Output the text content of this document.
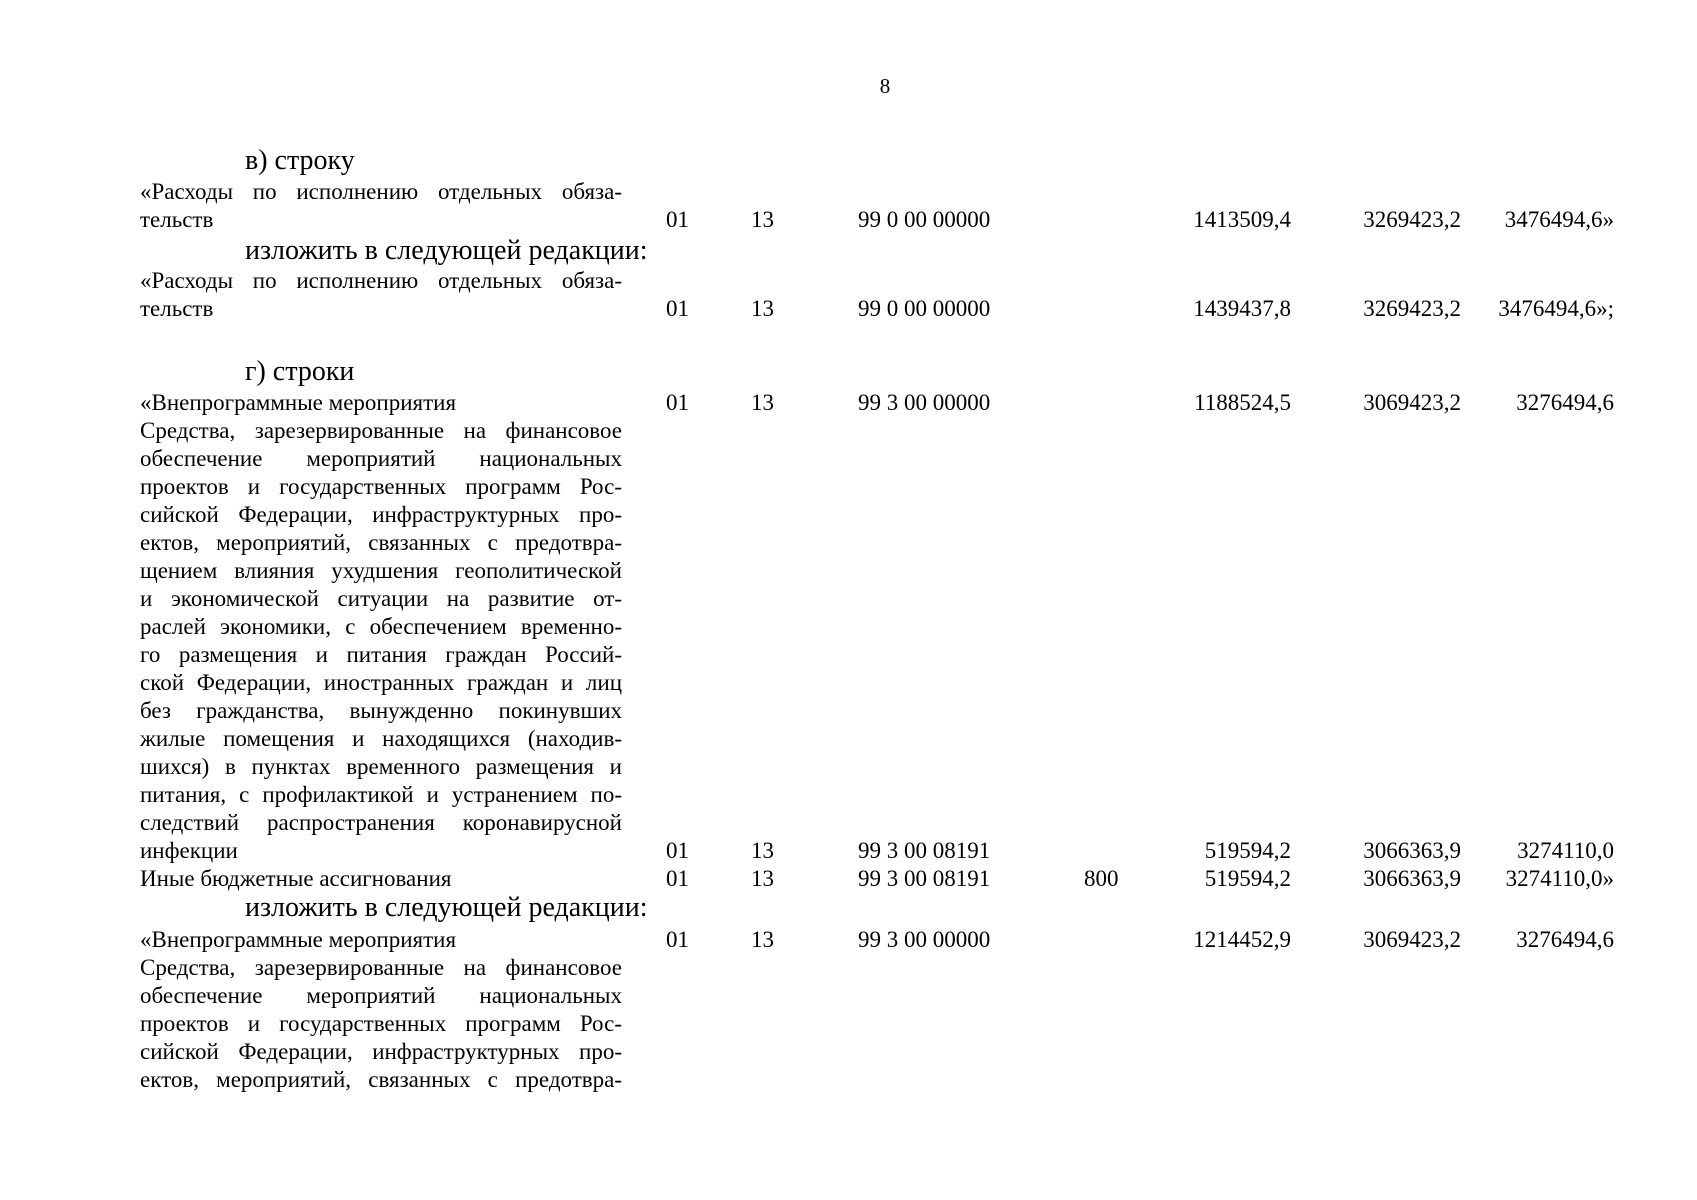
8
в) строку
«Расходы по исполнению отдельных обяза-
тельств	01	13	99 0 00 00000	1413509,4	3269423,2 3476494,6»
изложить в следующей редакции:
«Расходы по исполнению отдельных обяза-
тельств	01	13	99 0 00 00000	1439437,8	3269423,2 3476494,6»;
г) строки
«Внепрограммные мероприятия	01	13	99 3 00 00000	1188524,5	3069423,2 3276494,6
Средства, зарезервированные на финансовое
обеспечение мероприятий национальных
проектов и государственных программ Рос-
сийской Федерации, инфраструктурных про-
ектов, мероприятий, связанных с предотвра-
щением влияния ухудшения геополитической
и экономической ситуации на развитие от-
раслей экономики, с обеспечением временно-
го размещения и питания граждан Россий-
ской Федерации, иностранных граждан и лиц
без гражданства, вынужденно покинувших
жилые помещения и находящихся (находив-
шихся) в пунктах временного размещения и
питания, с профилактикой и устранением по-
следствий распространения коронавирусной
инфекции	01	13	99 3 00 08191	519594,2	3066363,9 3274110,0
Иные бюджетные ассигнования	01	13	99 3 00 08191	800	519594,2	3066363,9 3274110,0»
изложить в следующей редакции:
«Внепрограммные мероприятия	01	13	99 3 00 00000	1214452,9	3069423,2 3276494,6
Средства, зарезервированные на финансовое
обеспечение мероприятий национальных
проектов и государственных программ Рос-
сийской Федерации, инфраструктурных про-
ектов, мероприятий, связанных с предотвра-
